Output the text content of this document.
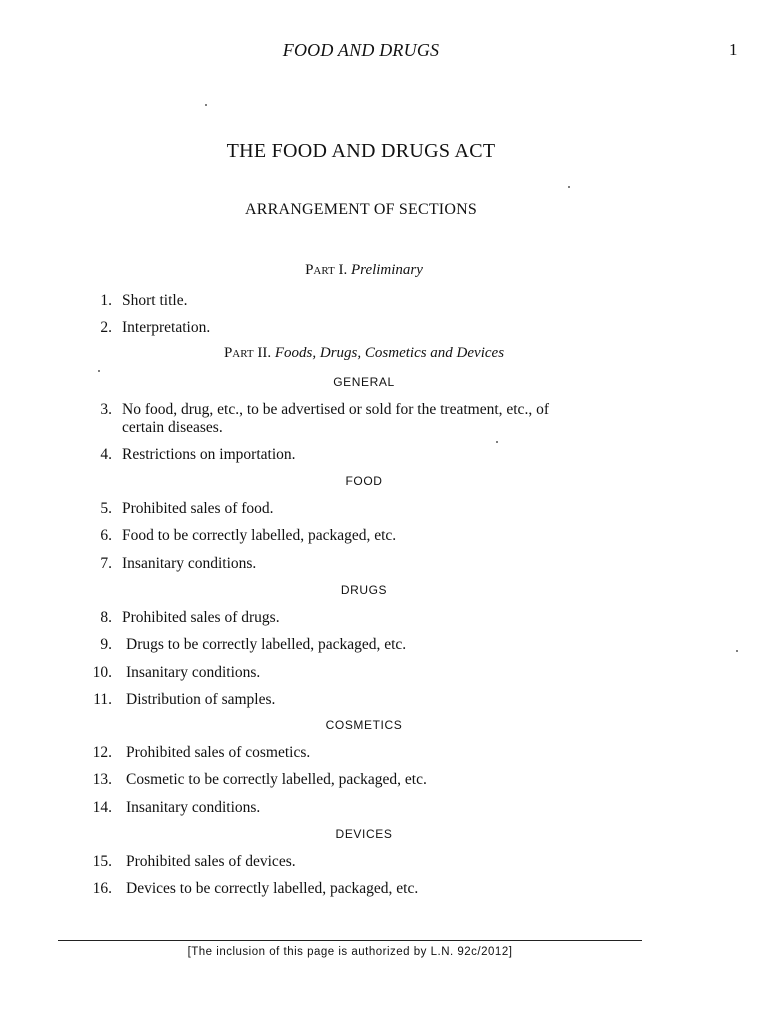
FOOD AND DRUGS	1
THE FOOD AND DRUGS ACT
ARRANGEMENT OF SECTIONS
Part I. Preliminary
1. Short title.
2. Interpretation.
Part II. Foods, Drugs, Cosmetics and Devices
GENERAL
3. No food, drug, etc., to be advertised or sold for the treatment, etc., of
certain diseases.
4. Restrictions on importation.
FOOD
5. Prohibited sales of food.
6. Food to be correctly labelled, packaged, etc.
7. Insanitary conditions.
DRUGS
8. Prohibited sales of drugs.
9. Drugs to be correctly labelled, packaged, etc.
10. Insanitary conditions.
11. Distribution of samples.
COSMETICS
12. Prohibited sales of cosmetics.
13. Cosmetic to be correctly labelled, packaged, etc.
14. Insanitary conditions.
DEVICES
15. Prohibited sales of devices.
16. Devices to be correctly labelled, packaged, etc.
[The inclusion of this page is authorized by L.N. 92c/2012]
